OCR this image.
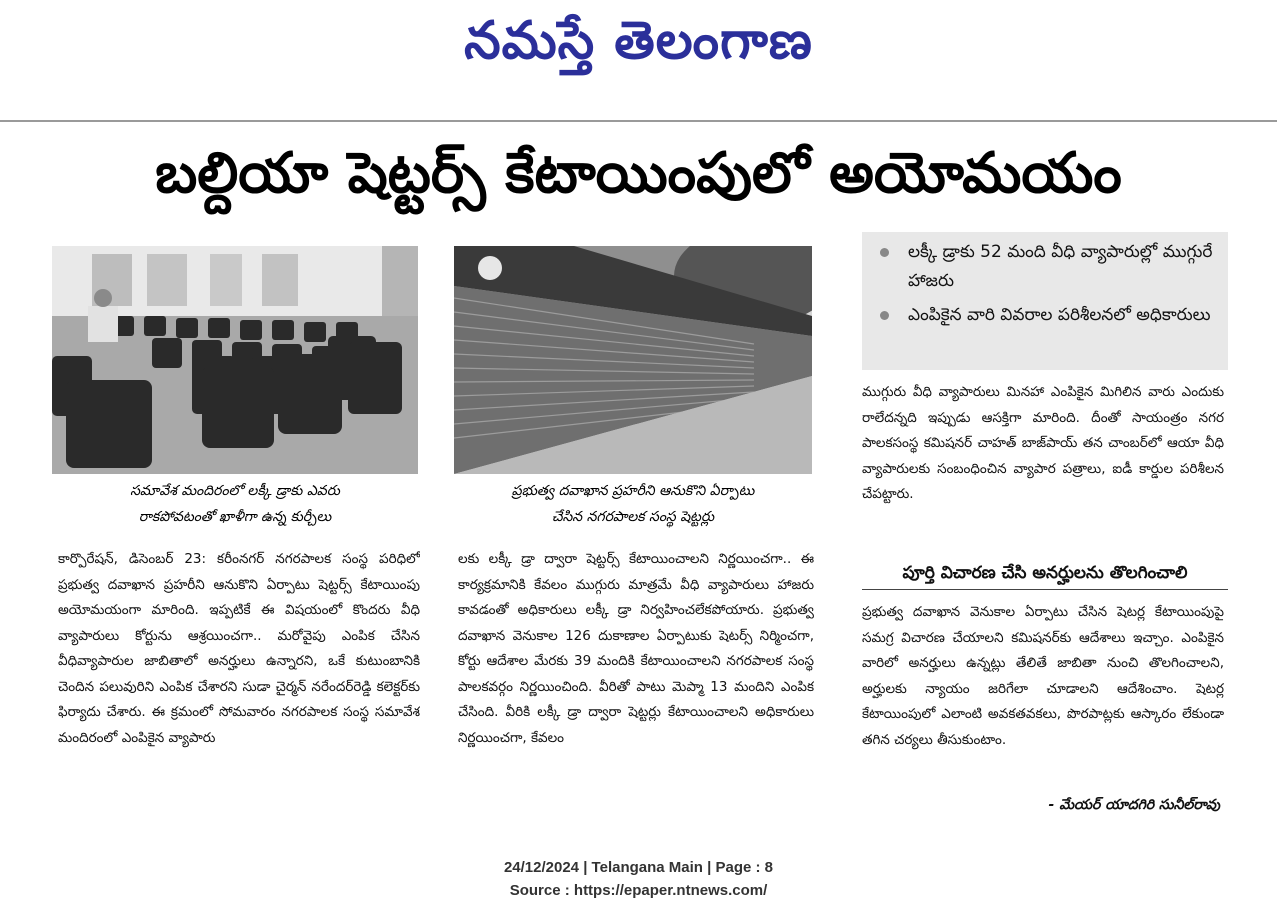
నమస్తే తెలంగాణ
బల్దియా షెట్టర్స్ కేటాయింపులో అయోమయం
సమావేశ మందిరంలో లక్కీ డ్రాకు ఎవరు
రాకపోవటంతో ఖాళీగా ఉన్న కుర్చీలు
ప్రభుత్వ దవాఖాన ప్రహరీని ఆనుకొని ఏర్పాటు
చేసిన నగరపాలక సంస్థ షెట్టర్లు
లక్కీ డ్రాకు 52 మంది వీధి వ్యాపారుల్లో ముగ్గురే హాజరు
ఎంపికైన వారి వివరాల పరిశీలనలో అధికారులు

కార్పొరేషన్, డిసెంబర్ 23: కరీంనగర్ నగరపాలక సంస్థ పరిధిలో ప్రభుత్వ దవాఖాన ప్రహరీని ఆనుకొని ఏర్పాటు షెట్టర్స్ కేటాయింపు అయోమయంగా మారింది. ఇప్పటికే ఈ విషయంలో కొందరు వీధి వ్యాపారులు కోర్టును ఆశ్రయించగా.. మరోవైపు ఎంపిక చేసిన వీధివ్యాపారుల జాబితాలో అనర్హులు ఉన్నారని, ఒకే కుటుంబానికి చెందిన పలువురిని ఎంపిక చేశారని సుడా చైర్మన్ నరేందర్‌రెడ్డి కలెక్టర్‌కు ఫిర్యాదు చేశారు. ఈ క్రమంలో సోమవారం నగరపాలక సంస్థ సమావేశ మందిరంలో ఎంపికైన వ్యాపారు

లకు లక్కీ డ్రా ద్వారా షెట్టర్స్ కేటాయించాలని నిర్ణయించగా.. ఈ కార్యక్రమానికి కేవలం ముగ్గురు మాత్రమే వీధి వ్యాపారులు హాజరు కావడంతో అధికారులు లక్కీ డ్రా నిర్వహించలేకపోయారు. ప్రభుత్వ దవాఖాన వెనుకాల 126 దుకాణాల ఏర్పాటుకు షెటర్స్ నిర్మించగా, కోర్టు ఆదేశాల మేరకు 39 మందికి కేటాయించాలని నగరపాలక సంస్థ పాలకవర్గం నిర్ణయించింది. వీరితో పాటు మెప్మా 13 మందిని ఎంపిక చేసింది. వీరికి లక్కీ డ్రా ద్వారా షెట్టర్లు కేటాయించాలని అధికారులు నిర్ణయించగా, కేవలం

ముగ్గురు వీధి వ్యాపారులు మినహా ఎంపికైన మిగిలిన వారు ఎందుకు రాలేదన్నది ఇప్పుడు ఆసక్తిగా మారింది. దీంతో సాయంత్రం నగర పాలకసంస్థ కమిషనర్ చాహత్ బాజ్‌పాయ్ తన చాంబర్‌లో ఆయా వీధి వ్యాపారులకు సంబంధించిన వ్యాపార పత్రాలు, ఐడీ కార్డుల పరిశీలన చేపట్టారు.

పూర్తి విచారణ చేసి అనర్హులను తొలగించాలి

ప్రభుత్వ దవాఖాన వెనుకాల ఏర్పాటు చేసిన షెటర్ల కేటాయింపుపై సమగ్ర విచారణ చేయాలని కమిషనర్‌కు ఆదేశాలు ఇచ్చాం. ఎంపికైన వారిలో అనర్హులు ఉన్నట్లు తేలితే జాబితా నుంచి తొలగించాలని, అర్హులకు న్యాయం జరిగేలా చూడాలని ఆదేశించాం. షెటర్ల కేటాయింపులో ఎలాంటి అవకతవకలు, పొరపాట్లకు ఆస్కారం లేకుండా తగిన చర్యలు తీసుకుంటాం.

- మేయర్ యాదగిరి సునీల్‌రావు
24/12/2024 | Telangana Main | Page : 8
Source : https://epaper.ntnews.com/
